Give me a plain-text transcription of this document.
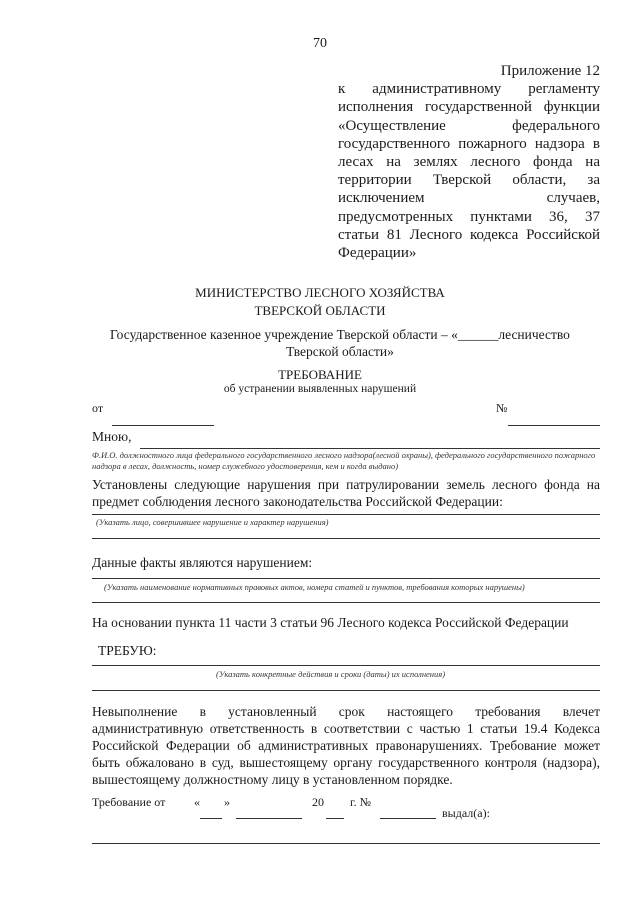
70
Приложение 12
к административному регламенту исполнения государственной функции «Осуществление федерального государственного пожарного надзора в лесах на землях лесного фонда на территории Тверской области, за исключением случаев, предусмотренных пунктами 36, 37 статьи 81 Лесного кодекса Российской Федерации»
МИНИСТЕРСТВО ЛЕСНОГО ХОЗЯЙСТВА
ТВЕРСКОЙ ОБЛАСТИ
Государственное казенное учреждение Тверской области – «______лесничество
Тверской области»
ТРЕБОВАНИЕ
об устранении выявленных нарушений
от	№
Мною,
Ф.И.О. должностного лица федерального государственного лесного надзора(лесной охраны), федерального государственного пожарного надзора в лесах, должность, номер служебного удостоверения, кем и когда выдано)
Установлены следующие нарушения при патрулировании земель лесного фонда на предмет соблюдения лесного законодательства Российской Федерации:
(Указать лицо, совершившее нарушение и характер нарушения)
Данные факты являются нарушением:
(Указать наименование нормативных правовых актов, номера статей и пунктов, требования которых нарушены)
На основании пункта 11 части 3 статьи 96 Лесного кодекса Российской Федерации
ТРЕБУЮ:
(Указать конкретные действия и сроки (даты) их исполнения)
Невыполнение в установленный срок настоящего требования влечет административную ответственность в соответствии с частью 1 статьи 19.4 Кодекса Российской Федерации об административных правонарушениях. Требование может быть обжаловано в суд, вышестоящему органу государственного контроля (надзора), вышестоящему должностному лицу в установленном порядке.
Требование от « »	20 г. №
выдал(а):
